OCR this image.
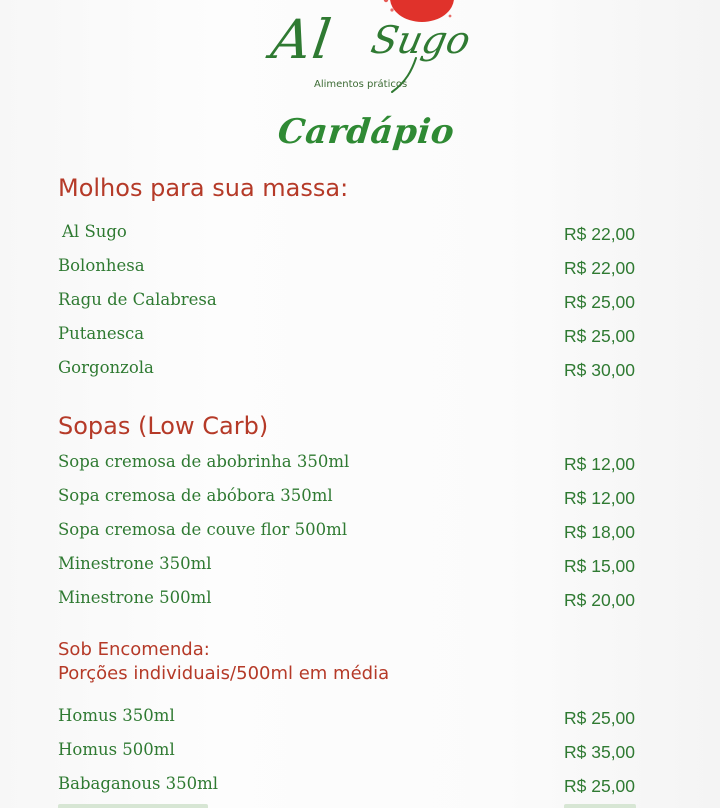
Al Sugo
Alimentos práticos
Cardápio
Molhos para sua massa:
Al Sugo	R$ 22,00
Bolonhesa	R$ 22,00
Ragu de Calabresa	R$ 25,00
Putanesca	R$ 25,00
Gorgonzola	R$ 30,00
Sopas (Low Carb)
Sopa cremosa de abobrinha 350ml	R$ 12,00
Sopa cremosa de abóbora 350ml	R$ 12,00
Sopa cremosa de couve flor 500ml	R$ 18,00
Minestrone 350ml	R$ 15,00
Minestrone 500ml	R$ 20,00
Sob Encomenda:
Porções individuais/500ml em média
Homus 350ml	R$ 25,00
Homus 500ml	R$ 35,00
Babaganous 350ml	R$ 25,00
